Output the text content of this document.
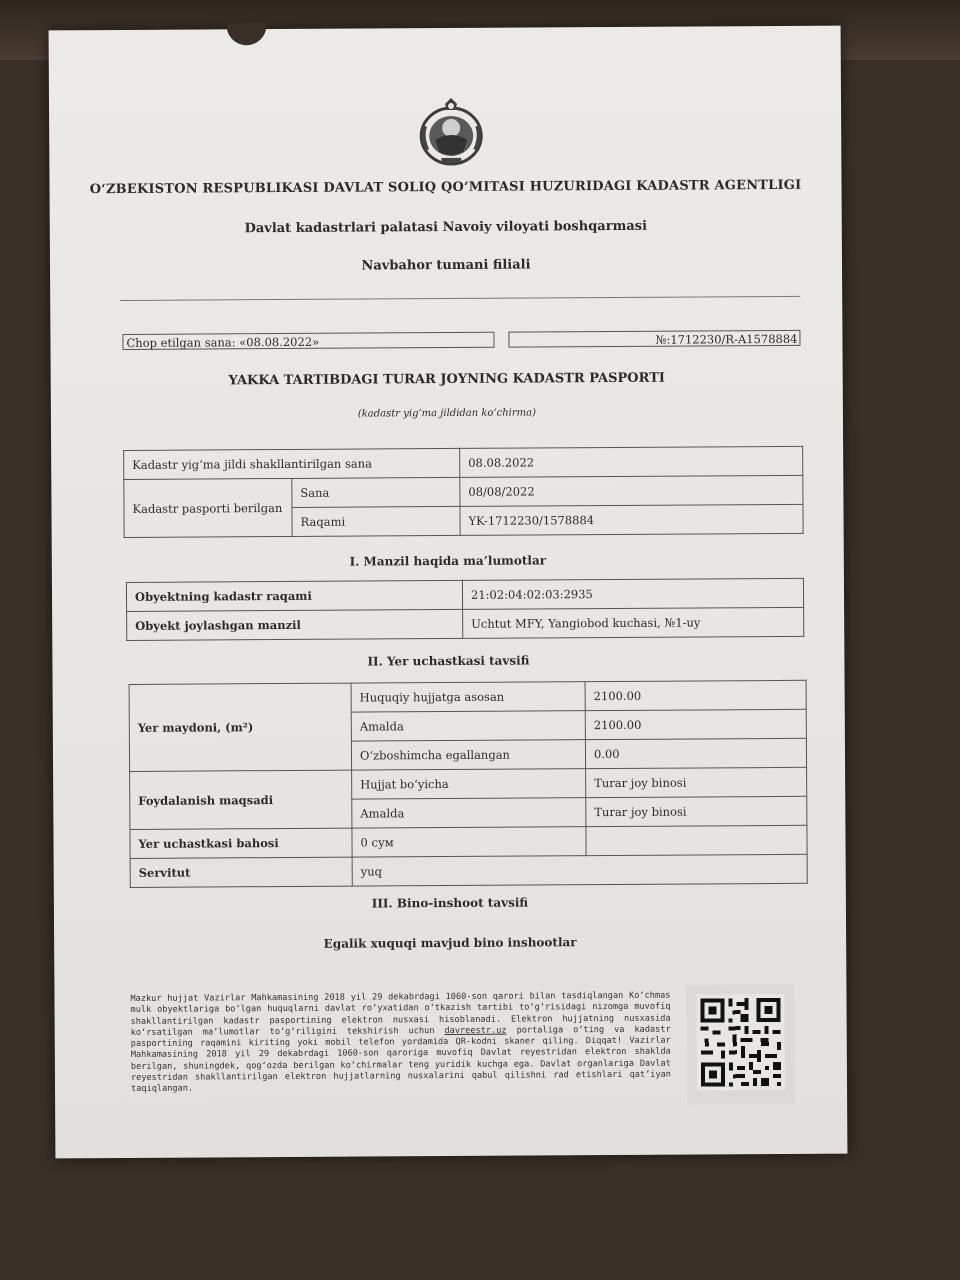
O‘ZBEKISTON RESPUBLIKASI DAVLAT SOLIQ QO‘MITASI HUZURIDAGI KADASTR AGENTLIGI
Davlat kadastrlari palatasi Navoiy viloyati boshqarmasi
Navbahor tumani filiali
Chop etilgan sana: «08.08.2022»	№:1712230/R-A1578884
YAKKA TARTIBDAGI TURAR JOYNING KADASTR PASPORTI
(kadastr yig‘ma jildidan ko‘chirma)
Kadastr yig‘ma jildi shakllantirilgan sana		08.08.2022
Kadastr pasporti berilgan	Sana	08/08/2022
	Raqami	YK-1712230/1578884
I. Manzil haqida ma’lumotlar
Obyektning kadastr raqami	21:02:04:02:03:2935
Obyekt joylashgan manzil	Uchtut MFY, Yangiobod kuchasi, №1-uy
II. Yer uchastkasi tavsifi
Yer maydoni, (m²)	Huquqiy hujjatga asosan	2100.00
	Amalda	2100.00
	O‘zboshimcha egallangan	0.00
Foydalanish maqsadi	Hujjat bo‘yicha	Turar joy binosi
	Amalda	Turar joy binosi
Yer uchastkasi bahosi	0 сум	
Servitut	yuq	
III. Bino-inshoot tavsifi
Egalik xuquqi mavjud bino inshootlar
Mazkur hujjat Vazirlar Mahkamasining 2018 yil 29 dekabrdagi 1060-son qarori bilan tasdiqlangan Ko‘chmas mulk obyektlariga bo‘lgan huquqlarni davlat ro‘yxatidan o‘tkazish tartibi to‘g‘risidagi nizomga muvofiq shakllantirilgan kadastr pasportining elektron nusxasi hisoblanadi. Elektron hujjatning nusxasida ko‘rsatilgan ma’lumotlar to‘g‘riligini tekshirish uchun davreestr.uz portaliga o‘ting va kadastr pasportining raqamini kiriting yoki mobil telefon yordamida QR-kodni skaner qiling. Diqqat! Vazirlar Mahkamasining 2018 yil 29 dekabrdagi 1060-son qaroriga muvofiq Davlat reyestridan elektron shaklda berilgan, shuningdek, qog‘ozda berilgan ko‘chirmalar teng yuridik kuchga ega. Davlat organlariga Davlat reyestridan shakllantirilgan elektron hujjatlarning nusxalarini qabul qilishni rad etishlari qat’iyan taqiqlangan.
